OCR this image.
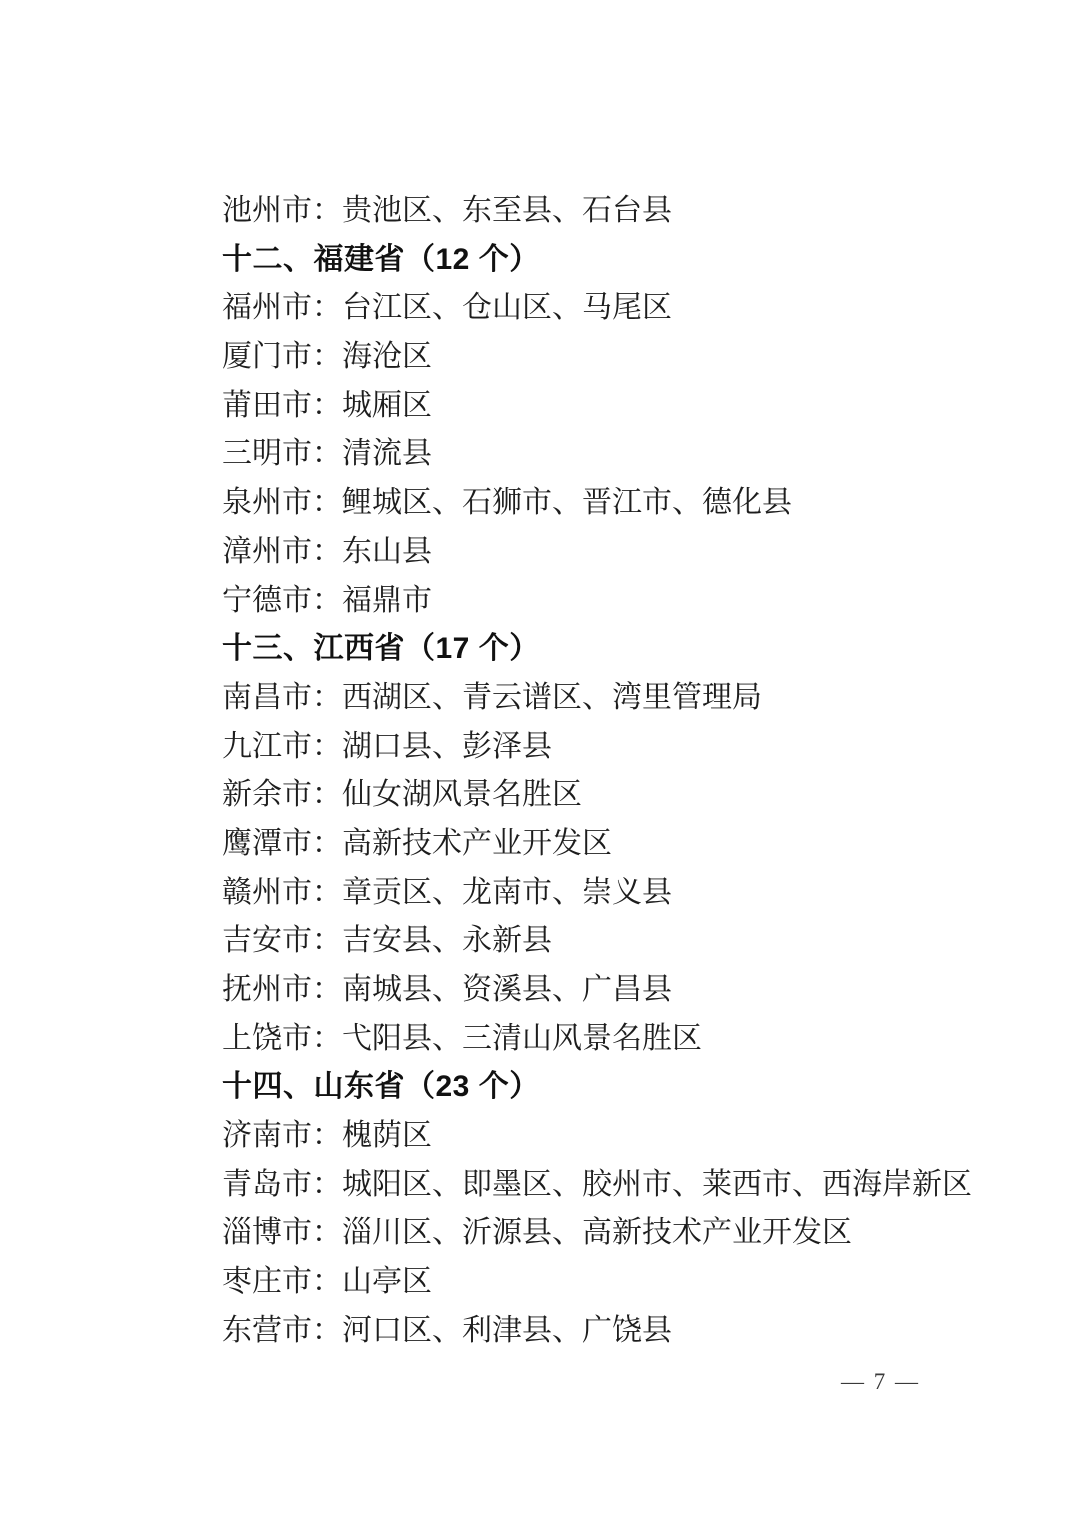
池州市：贵池区、东至县、石台县

十二、福建省（12 个）

福州市：台江区、仓山区、马尾区

厦门市：海沧区

莆田市：城厢区

三明市：清流县

泉州市：鲤城区、石狮市、晋江市、德化县

漳州市：东山县

宁德市：福鼎市

十三、江西省（17 个）

南昌市：西湖区、青云谱区、湾里管理局

九江市：湖口县、彭泽县

新余市：仙女湖风景名胜区

鹰潭市：高新技术产业开发区

赣州市：章贡区、龙南市、崇义县

吉安市：吉安县、永新县

抚州市：南城县、资溪县、广昌县

上饶市：弋阳县、三清山风景名胜区

十四、山东省（23 个）

济南市：槐荫区

青岛市：城阳区、即墨区、胶州市、莱西市、西海岸新区

淄博市：淄川区、沂源县、高新技术产业开发区

枣庄市：山亭区

东营市：河口区、利津县、广饶县

— 7 —
